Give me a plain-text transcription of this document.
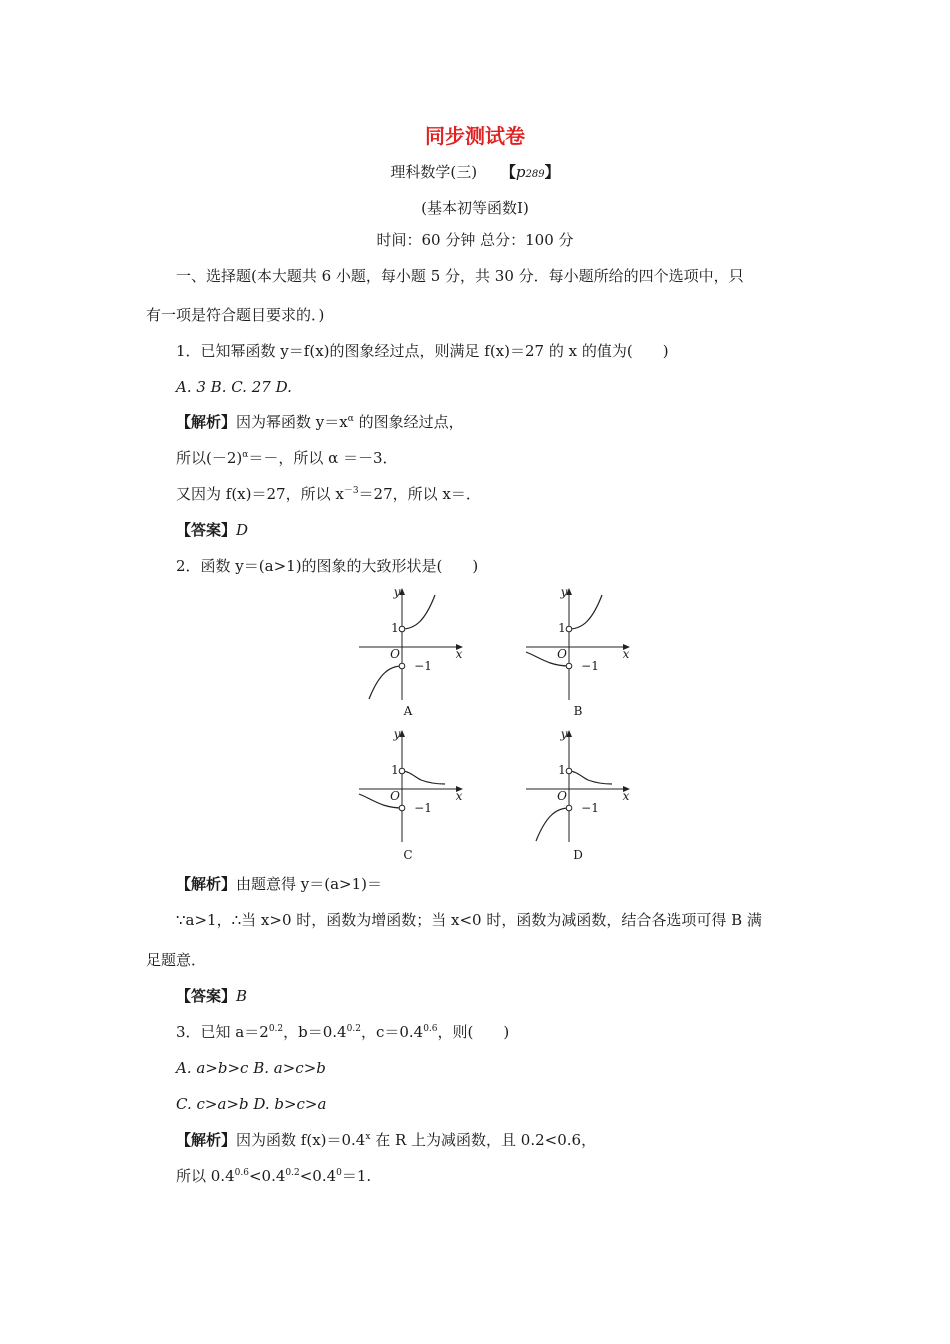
同步测试卷
理科数学(三) 【p289】
(基本初等函数Ⅰ)
时间：60 分钟 总分：100 分
一、选择题(本大题共 6 小题，每小题 5 分，共 30 分．每小题所给的四个选项中，只
有一项是符合题目要求的．)
1．已知幂函数 y＝f(x)的图象经过点，则满足 f(x)＝27 的 x 的值为(　　)
A. 3 B. C. 27 D.
【解析】因为幂函数 $y=x^\alpha$ 的图象经过点，
所以$(-2)^\alpha=-$，所以 α ＝－3．
又因为 f(x)＝27，所以 $x^{-3}=27$，所以 x＝．
【答案】D
2．函数 y＝(a>1)的图象的大致形状是(　　)
y
x
O
1
−1
A
y
x
O
1
−1
B
y
x
O
1
−1
C
y
x
O
1
−1
D
【解析】由题意得 y＝(a>1)＝
∵a>1，∴当 x>0 时，函数为增函数；当 x<0 时，函数为减函数，结合各选项可得 B 满
足题意．
【答案】B
3．已知 $a=2^{0.2}$，$b=0.4^{0.2}$，$c=0.4^{0.6}$，则(　　)
A. a>b>c B. a>c>b
C. c>a>b D. b>c>a
【解析】因为函数 $f(x)=0.4^x$ 在 R 上为减函数，且 0.2<0.6，
所以 $0.4^{0.6}<0.4^{0.2}<0.4^0=1$.
